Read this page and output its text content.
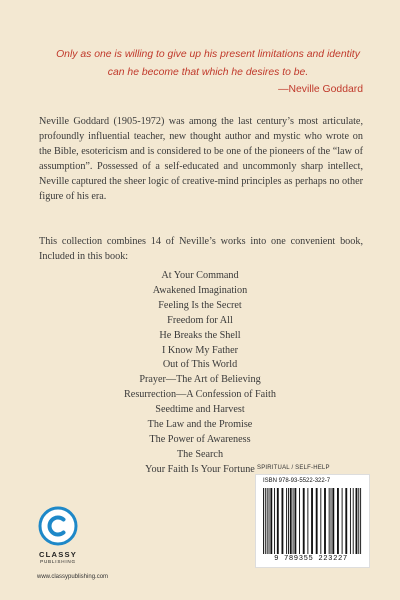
Only as one is willing to give up his present limitations and identity can he become that which he desires to be.
—Neville Goddard

Neville Goddard (1905-1972) was among the last century’s most articulate, profoundly influential teacher, new thought author and mystic who wrote on the Bible, esotericism and is considered to be one of the pioneers of the “law of assumption”. Possessed of a self-educated and uncommonly sharp intellect, Neville captured the sheer logic of creative-mind principles as perhaps no other figure of his era.

This collection combines 14 of Neville’s works into one convenient book, Included in this book:

At Your Command
Awakened Imagination
Feeling Is the Secret
Freedom for All
He Breaks the Shell
I Know My Father
Out of This World
Prayer—The Art of Believing
Resurrection—A Confession of Faith
Seedtime and Harvest
The Law and the Promise
The Power of Awareness
The Search
Your Faith Is Your Fortune SPIRITUAL / SELF-HELP
ISBN 978-93-5522-322-7
9 789355 223227
CLASSY
PUBLISHING
www.classypublishing.com
